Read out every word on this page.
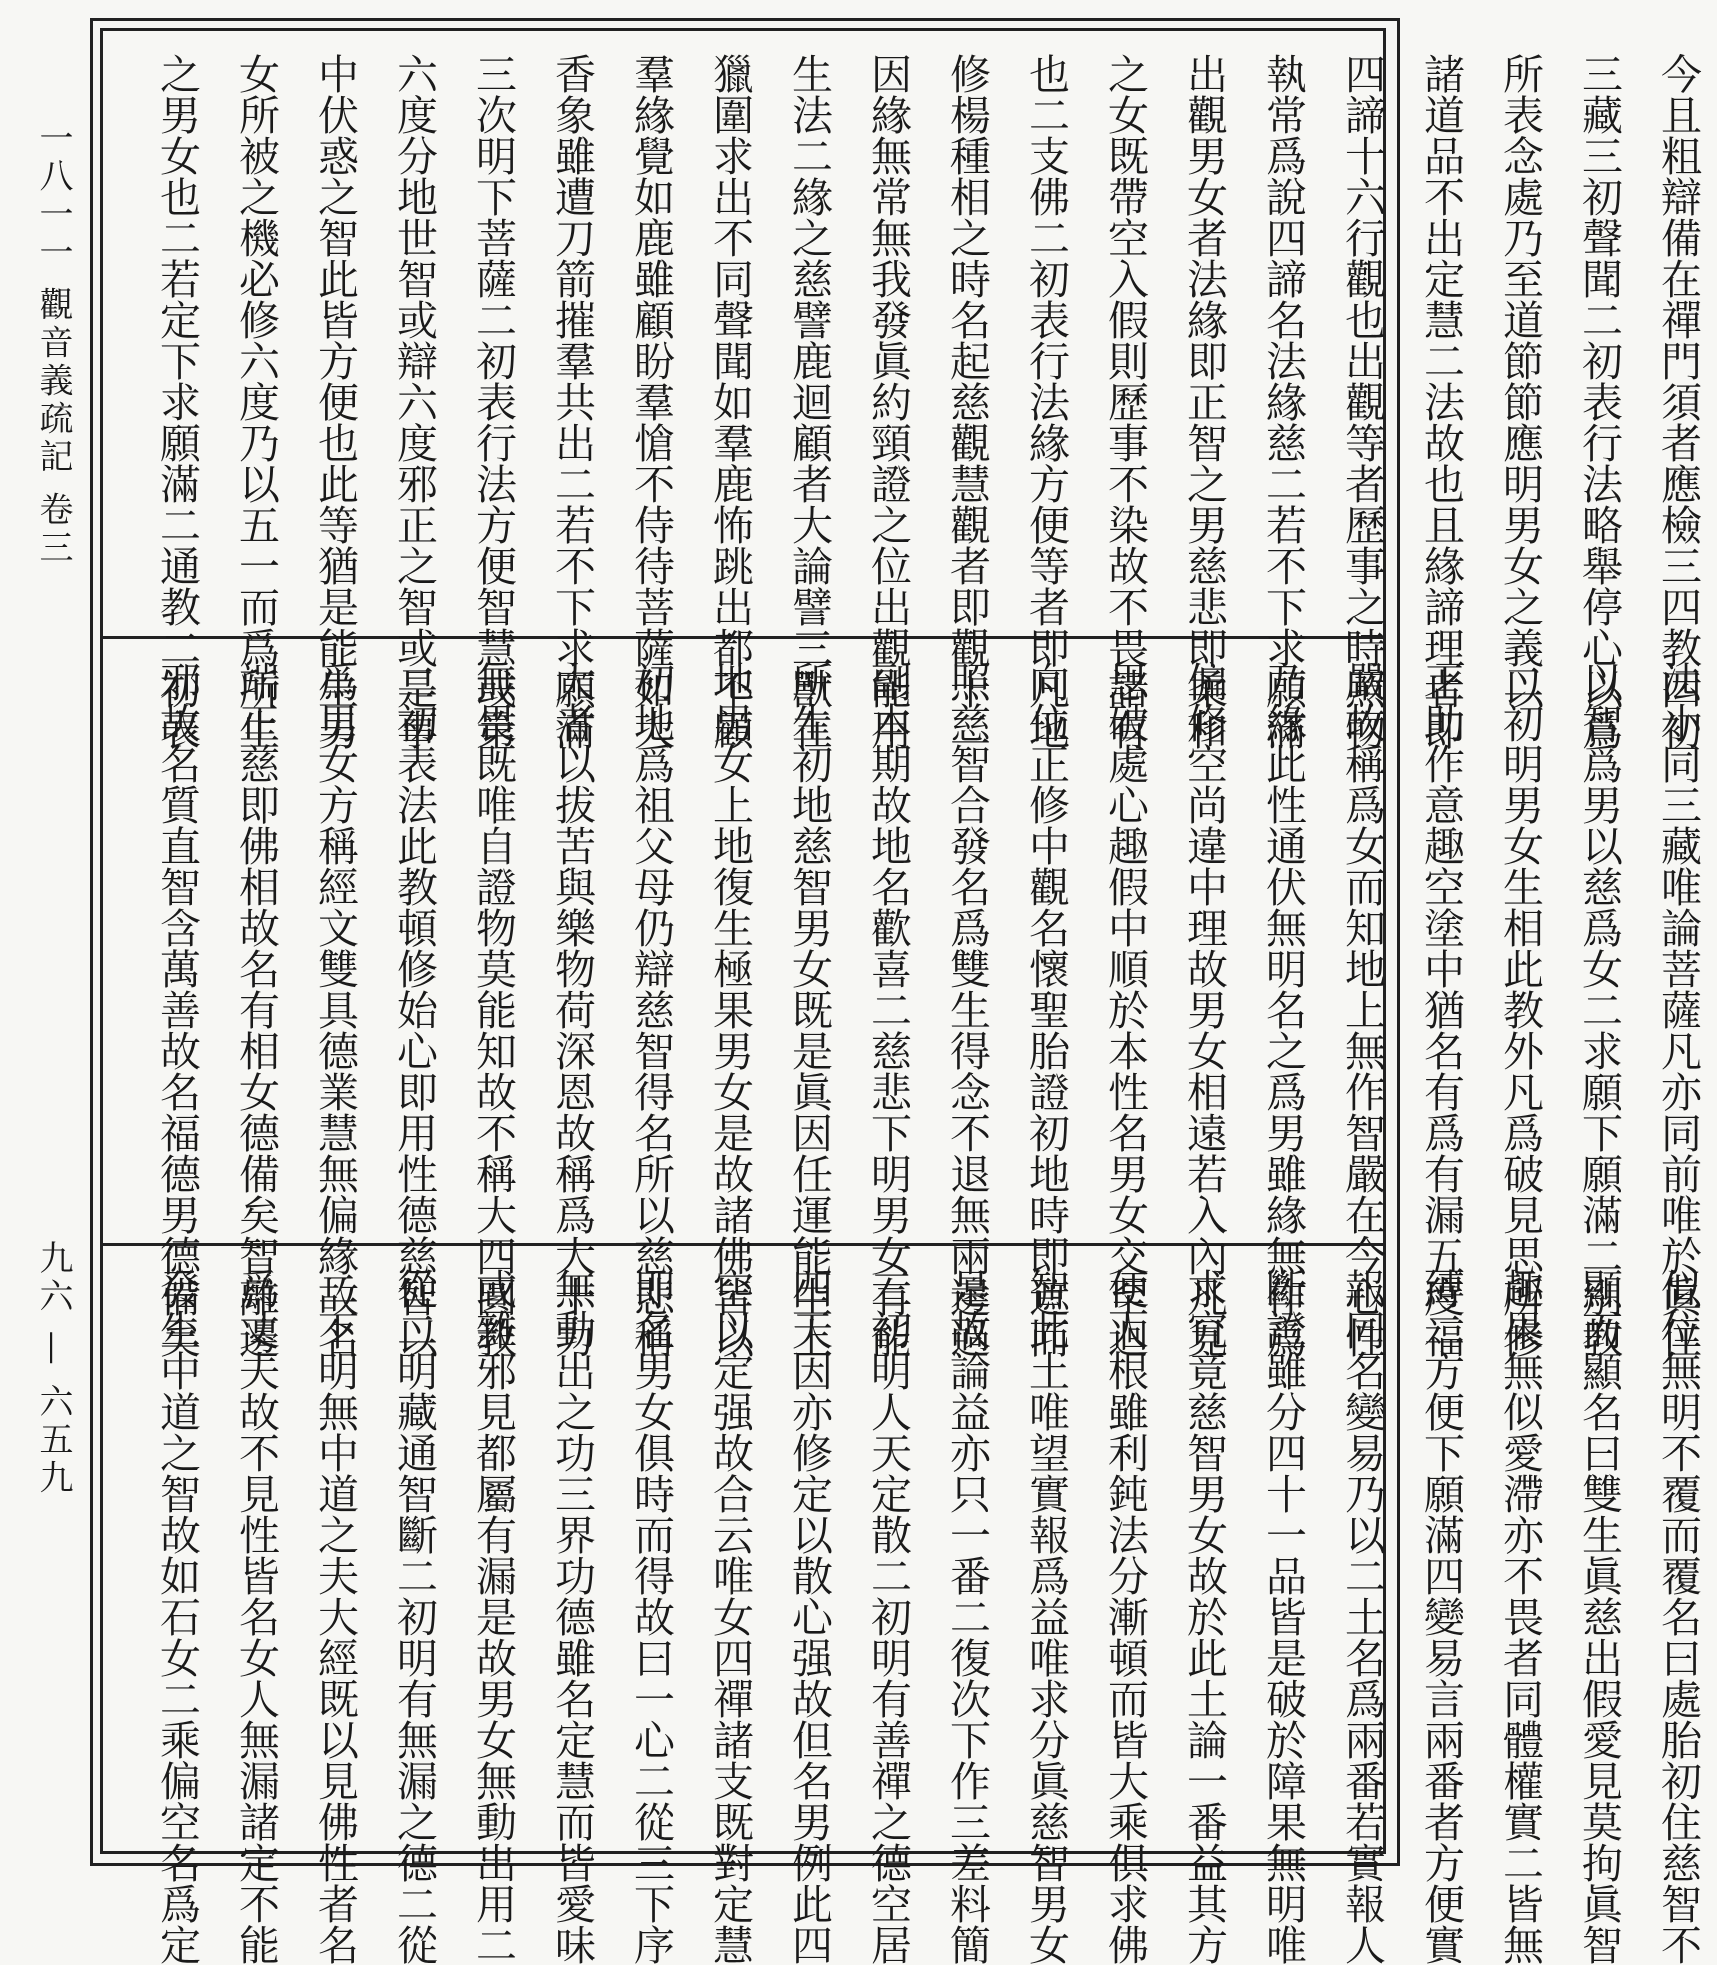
一八一一 觀音義疏記 卷三
九六 — 六五九
今且粗辯備在禪門須者應檢三四教四初
三藏三初聲聞二初表行法略舉停心以爲
所表念處乃至道節節應明男女之義以
諸道品不出定慧二法故也且緣諦理者即
四諦十六行觀也出觀等者歷事之時照物
執常爲說四諦名法緣慈二若不下求願滿
出觀男女者法緣即正智之男慈悲即柔和
之女既帶空入假則歷事不染故不畏諸有
也二支佛二初表行法緣方便等者即凡地
修楊種相之時名起慈觀慧觀者即觀十二
因緣無常無我發眞約頸證之位出觀能用
生法二緣之慈譬鹿迴顧者大論譬三獸在
獵圍求出不同聲聞如羣鹿怖跳出都不顧
羣緣覺如鹿雖顧盼羣愴不侍待菩薩如大
香象雖遭刀箭摧羣共出二若不下求願滿
三次明下菩薩二初表行法方便智慧或第
六度分地世智或辯六度邪正之智或是事
中伏惑之智此皆方便也此等猶是能生男
女所被之機必修六度乃以五一而爲所生
之男女也二若定下求願滿二通教二初表
法小同三藏唯論菩薩凡亦同前唯於眞住
以智爲男以慈爲女二求願下願滿二別教
二初明男女生相此教外凡爲破見思所修
正助作意趣空塗中猶名有爲有漏五度福
嚴故稱爲女而知地上無作智嚴在今心性
乃緣此性通伏無明名之爲男雖緣無作爲
偏修空尚違中理故男女相遠若入內凡見
思破處心趣假中順於本性名男女交至迴
向位正修中觀名懷聖胎證初地時即遮而
照慈智合發名爲雙生得念不退無兩邊過
副本期故地名歡喜二慈悲下明男女有能
所生初地慈智男女既是眞因任運能生上
地男女上地復生極果男女是故諸佛皆以
初地爲祖父母仍辯慈智得名所以慈悲稱
大者以拔苦與樂物荷深恩故稱爲大十力
無畏既唯自證物莫能知故不稱大四圓教
二初表法此教頓修始心即用性德慈智以
爲男女方稱經文雙具德業慧無偏緣故名
端正慈即佛相故名有相女德備矣智離邊
邪故名質直智含萬善故名福德男德備矣
似位無明不覆而覆名曰處胎初住慈智不
顯而顯名曰雙生眞慈出假愛見莫拘眞智
趣果無似愛滯亦不畏者同體權實二皆無
縛二方便下願滿四變易言兩番者方便實
報同名變易乃以二土名爲兩番若實報人
斷證雖分四十一品皆是破於障果無明唯
求究竟慈智男女故於此土論一番益其方
便人根雖利鈍法分漸頓而皆大乘俱求佛
智此土唯望實報爲益唯求分眞慈智男女
是故論益亦只一番二復次下作三差料簡
三初明人天定散二初明有善禪之德空居
四天因亦修定以散心强故但名男例此四
空以定强故合云唯女四禪諸支既對定慧
即名男女俱時而得故曰一心二從三下序
無動出之功三界功德雖名定慧而皆愛味
或雜邪見都屬有漏是故男女無動出用二
從二明藏通智斷二初明有無漏之德二從
二下明無中道之夫大經既以見佛性者名
爲丈夫故不見性皆名女人無漏諸定不能
發生中道之智故如石女二乘偏空名爲定
